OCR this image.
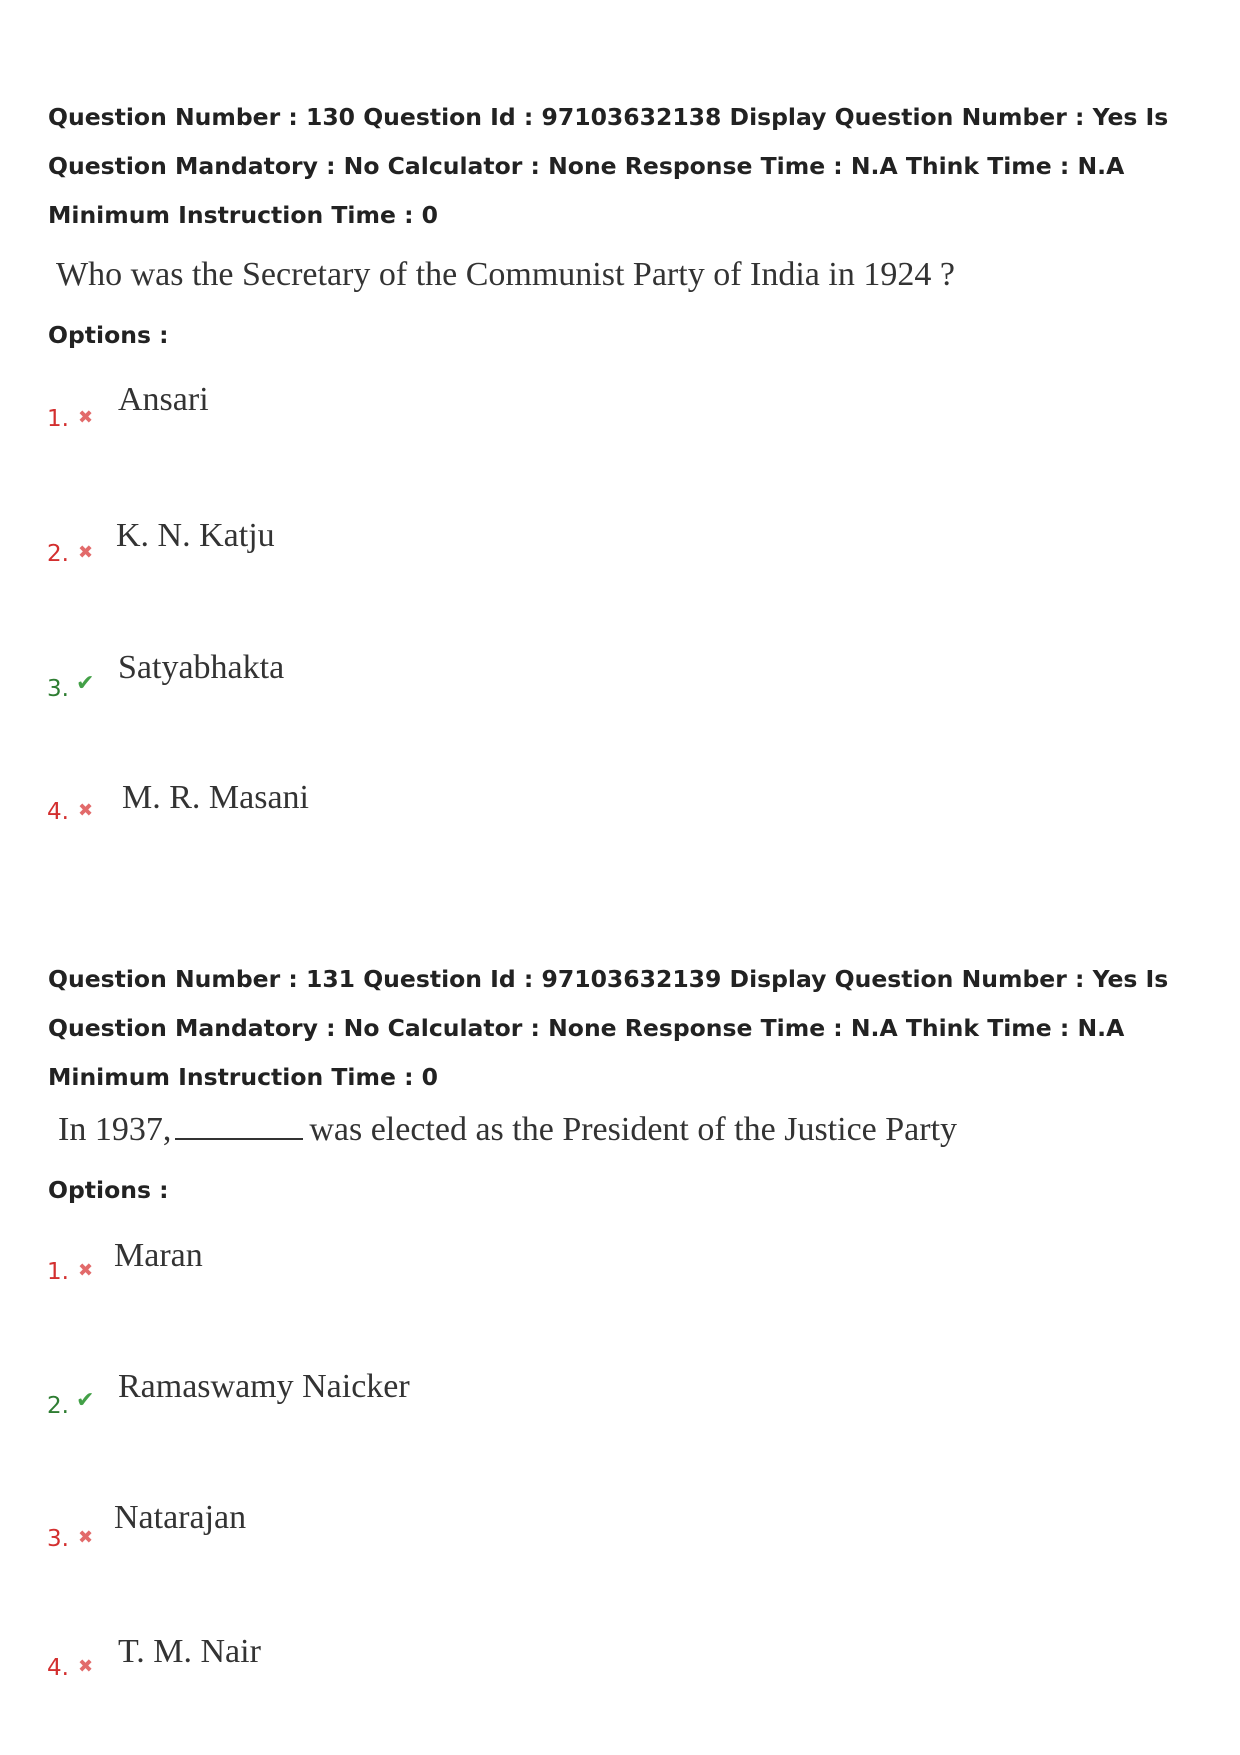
Question Number : 130 Question Id : 97103632138 Display Question Number : Yes Is Question Mandatory : No Calculator : None Response Time : N.A Think Time : N.A Minimum Instruction Time : 0

Who was the Secretary of the Communist Party of India in 1924 ?

Options :

1. ✖ Ansari
2. ✖ K. N. Katju
3. ✔ Satyabhakta
4. ✖ M. R. Masani

Question Number : 131 Question Id : 97103632139 Display Question Number : Yes Is Question Mandatory : No Calculator : None Response Time : N.A Think Time : N.A Minimum Instruction Time : 0

In 1937,	was elected as the President of the Justice Party

Options :

1. ✖ Maran
2. ✔ Ramaswamy Naicker
3. ✖
Natarajan
4. ✖ T. M. Nair
